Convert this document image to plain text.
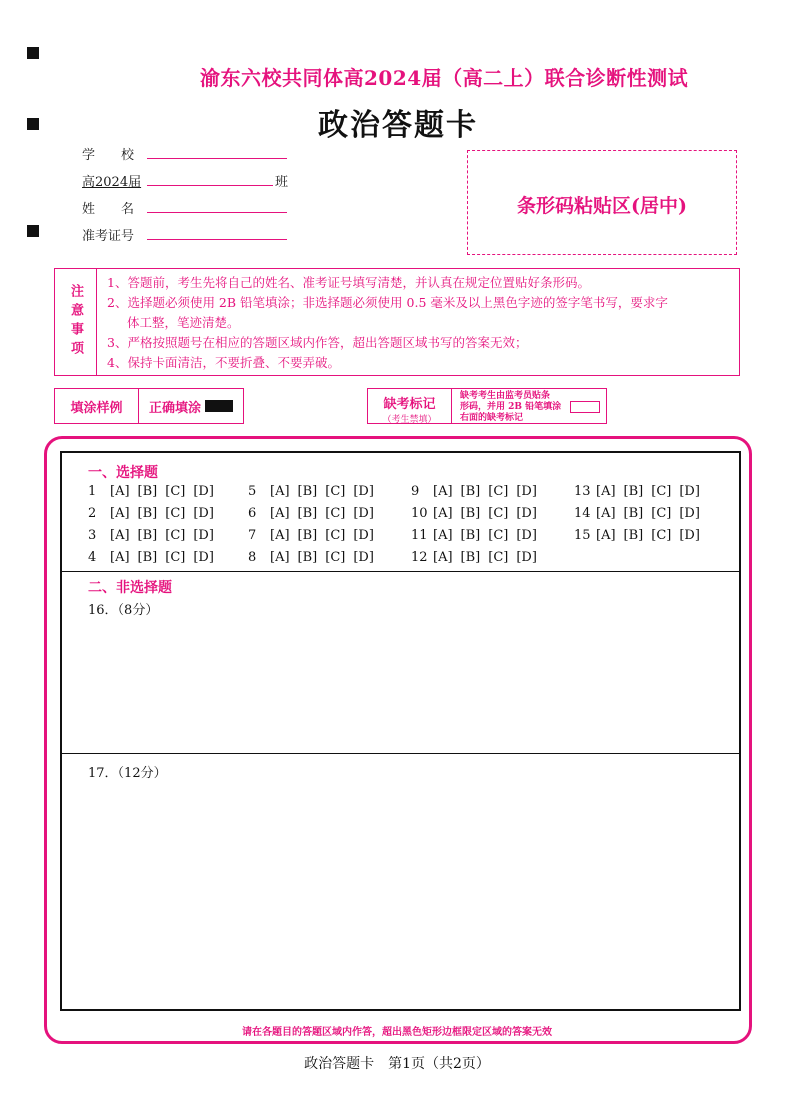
渝东六校共同体高2024届（高二上）联合诊断性测试
政治答题卡
学　　校
高2024届	班
姓　　名
准考证号
条形码粘贴区(居中)
注意事项
1、答题前，考生先将自己的姓名、准考证号填写清楚，并认真在规定位置贴好条形码。
2、选择题必须使用 2B 铅笔填涂；非选择题必须使用 0.5 毫米及以上黑色字迹的签字笔书写，要求字
体工整，笔迹清楚。
3、严格按照题号在相应的答题区域内作答，超出答题区域书写的答案无效；
4、保持卡面清洁，不要折叠、不要弄破。
填涂样例	正确填涂	缺考标记
（考生禁填）
缺考考生由监考员贴条
形码，并用 2B 铅笔填涂
右面的缺考标记
一、选择题
1 [A] [B] [C] [D]
2 [A] [B] [C] [D]
3 [A] [B] [C] [D]
4 [A] [B] [C] [D]
5 [A] [B] [C] [D]
6 [A] [B] [C] [D]
7 [A] [B] [C] [D]
8 [A] [B] [C] [D]
9 [A] [B] [C] [D]
10 [A] [B] [C] [D]
11 [A] [B] [C] [D]
12 [A] [B] [C] [D]
13 [A] [B] [C] [D]
14 [A] [B] [C] [D]
15 [A] [B] [C] [D]
二、非选择题
16．（8分）
17．（12分）
请在各题目的答题区域内作答，超出黑色矩形边框限定区域的答案无效
政治答题卡　第1页（共2页）
